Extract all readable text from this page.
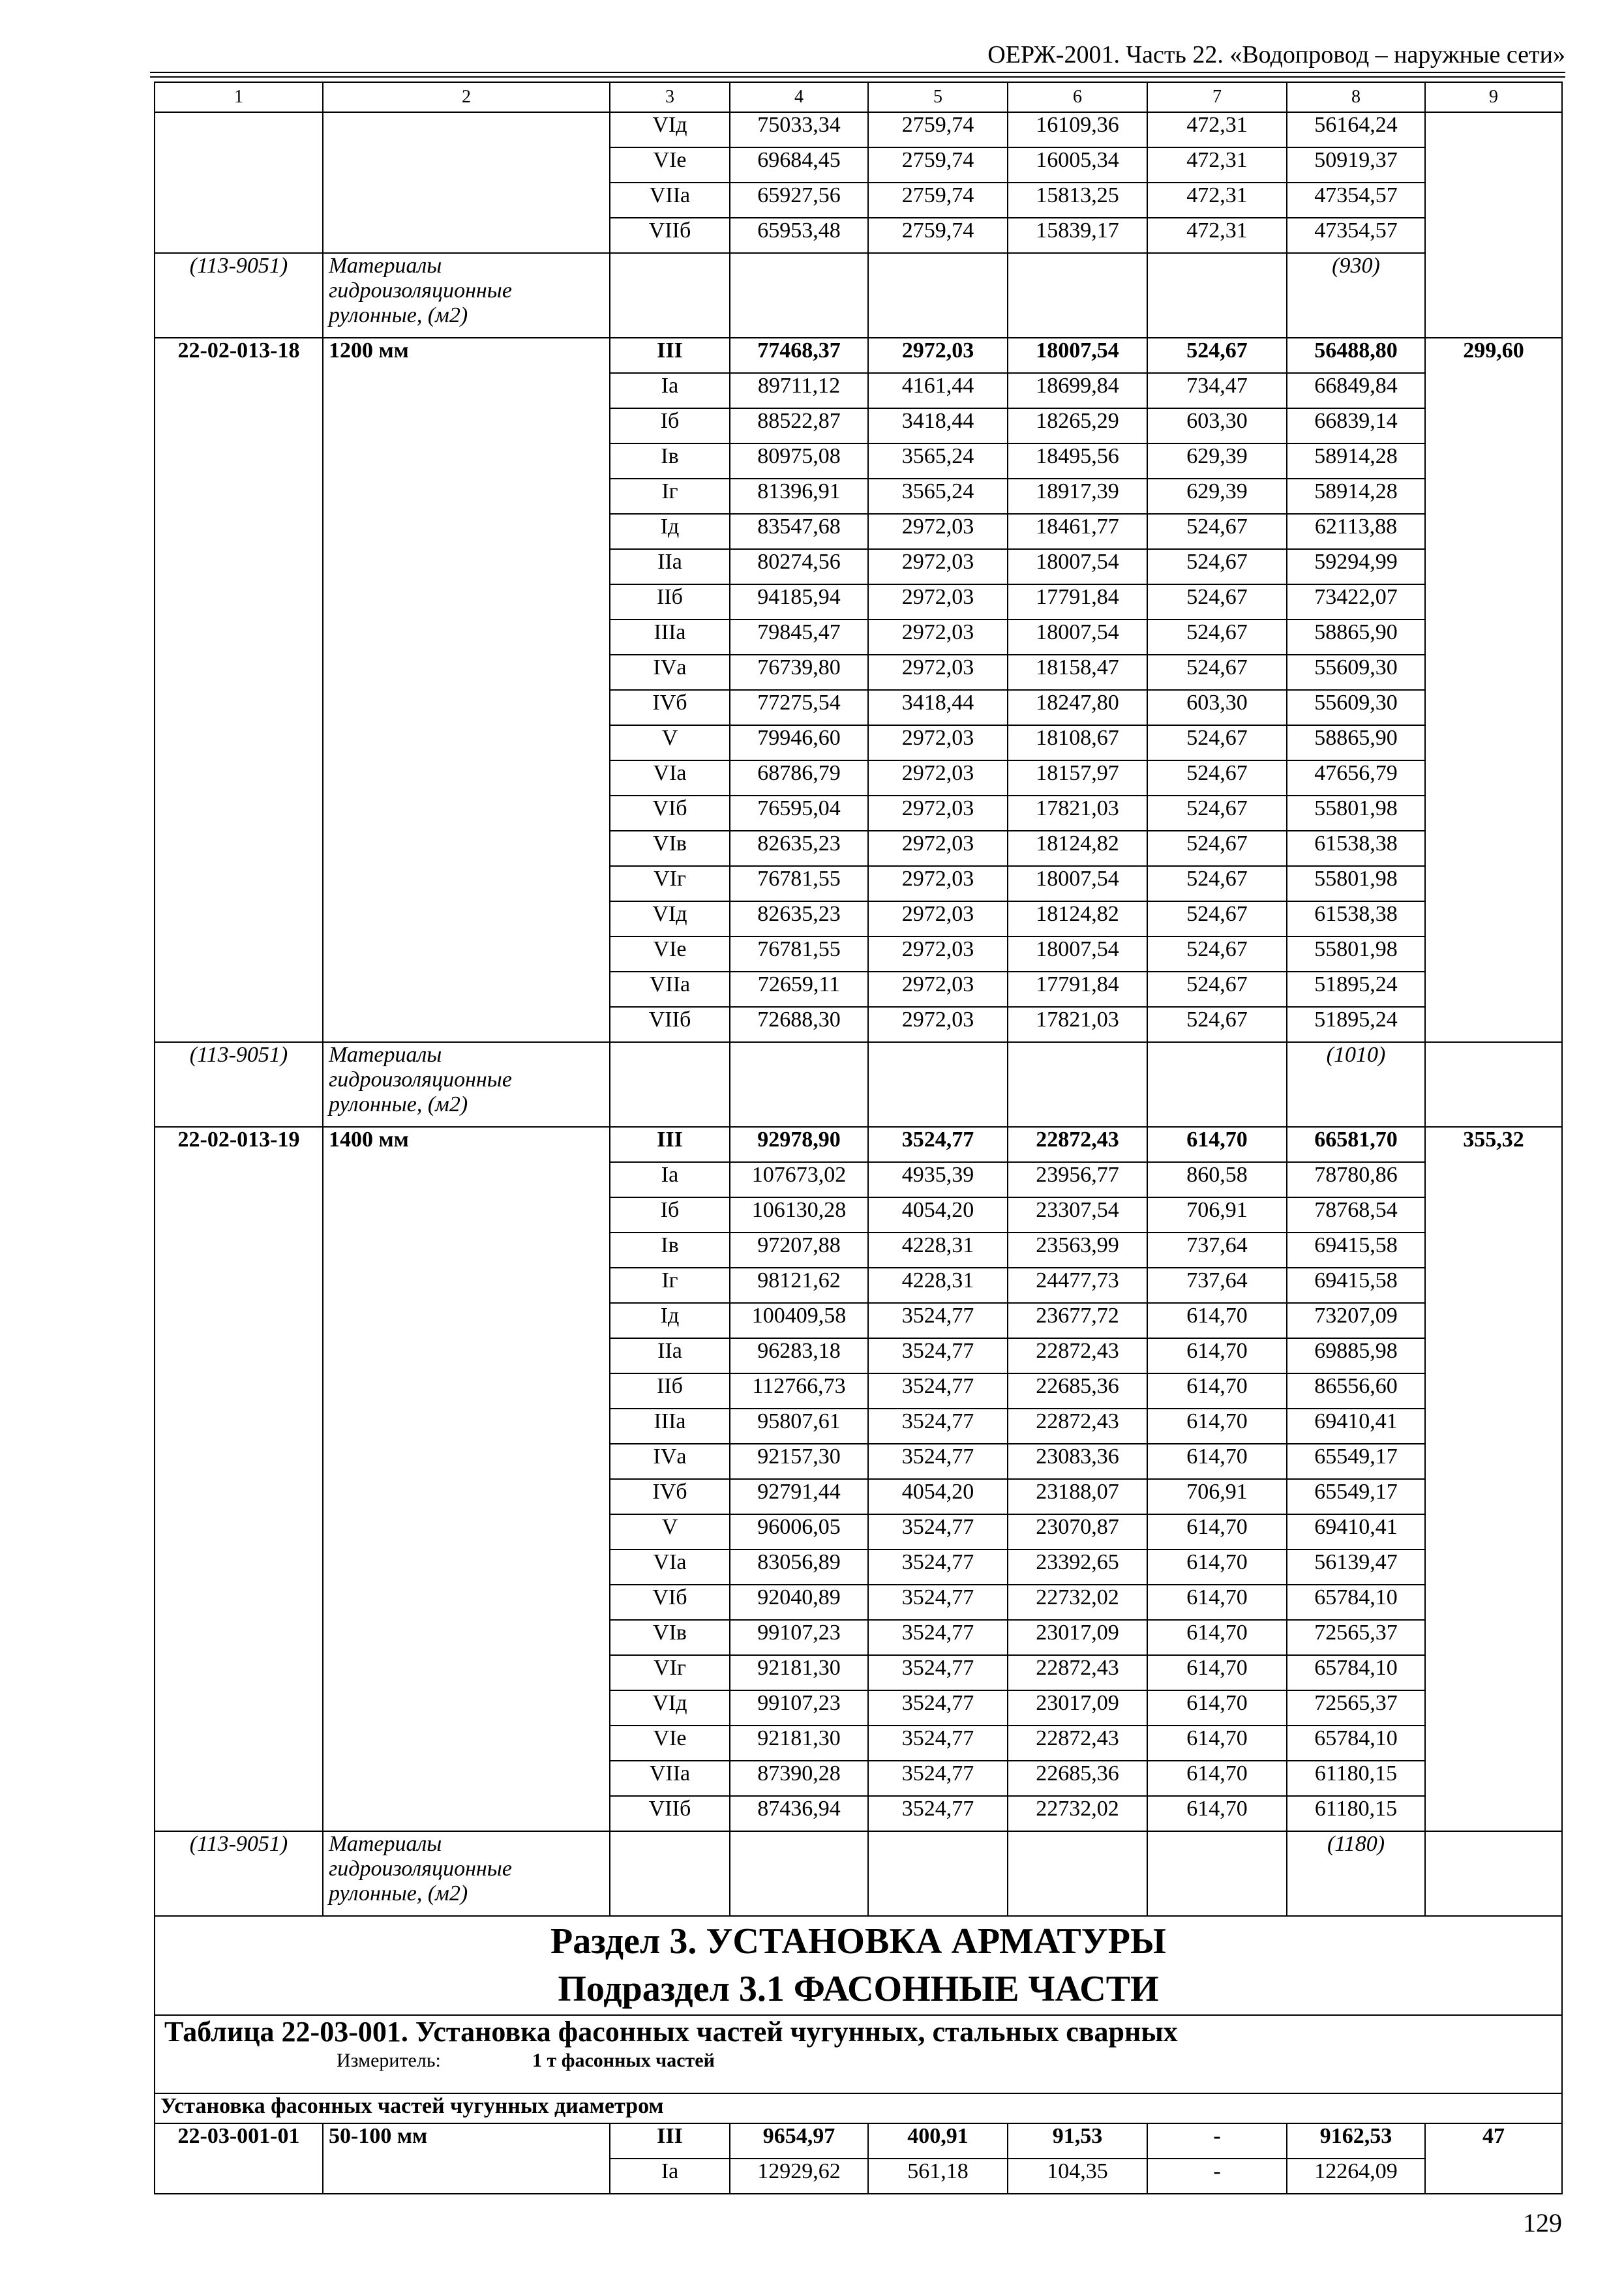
ОЕРЖ-2001. Часть 22. «Водопровод – наружные сети»
1	2	3	4	5	6	7	8	9
		VIд	75033,34	2759,74	16109,36	472,31	56164,24	
		VIе	69684,45	2759,74	16005,34	472,31	50919,37	
		VIIа	65927,56	2759,74	15813,25	472,31	47354,57	
		VIIб	65953,48	2759,74	15839,17	472,31	47354,57	
(113-9051)	Материалы гидроизоляционные рулонные, (м2)						(930)	
22-02-013-18	1200 мм	III	77468,37	2972,03	18007,54	524,67	56488,80	299,60
		Iа	89711,12	4161,44	18699,84	734,47	66849,84	
		Iб	88522,87	3418,44	18265,29	603,30	66839,14	
		Iв	80975,08	3565,24	18495,56	629,39	58914,28	
		Iг	81396,91	3565,24	18917,39	629,39	58914,28	
		Iд	83547,68	2972,03	18461,77	524,67	62113,88	
		IIа	80274,56	2972,03	18007,54	524,67	59294,99	
		IIб	94185,94	2972,03	17791,84	524,67	73422,07	
		IIIа	79845,47	2972,03	18007,54	524,67	58865,90	
		IVа	76739,80	2972,03	18158,47	524,67	55609,30	
		IVб	77275,54	3418,44	18247,80	603,30	55609,30	
		V	79946,60	2972,03	18108,67	524,67	58865,90	
		VIа	68786,79	2972,03	18157,97	524,67	47656,79	
		VIб	76595,04	2972,03	17821,03	524,67	55801,98	
		VIв	82635,23	2972,03	18124,82	524,67	61538,38	
		VIг	76781,55	2972,03	18007,54	524,67	55801,98	
		VIд	82635,23	2972,03	18124,82	524,67	61538,38	
		VIе	76781,55	2972,03	18007,54	524,67	55801,98	
		VIIа	72659,11	2972,03	17791,84	524,67	51895,24	
		VIIб	72688,30	2972,03	17821,03	524,67	51895,24	
(113-9051)	Материалы гидроизоляционные рулонные, (м2)						(1010)	
22-02-013-19	1400 мм	III	92978,90	3524,77	22872,43	614,70	66581,70	355,32
		Iа	107673,02	4935,39	23956,77	860,58	78780,86	
		Iб	106130,28	4054,20	23307,54	706,91	78768,54	
		Iв	97207,88	4228,31	23563,99	737,64	69415,58	
		Iг	98121,62	4228,31	24477,73	737,64	69415,58	
		Iд	100409,58	3524,77	23677,72	614,70	73207,09	
		IIа	96283,18	3524,77	22872,43	614,70	69885,98	
		IIб	112766,73	3524,77	22685,36	614,70	86556,60	
		IIIа	95807,61	3524,77	22872,43	614,70	69410,41	
		IVа	92157,30	3524,77	23083,36	614,70	65549,17	
		IVб	92791,44	4054,20	23188,07	706,91	65549,17	
		V	96006,05	3524,77	23070,87	614,70	69410,41	
		VIа	83056,89	3524,77	23392,65	614,70	56139,47	
		VIб	92040,89	3524,77	22732,02	614,70	65784,10	
		VIв	99107,23	3524,77	23017,09	614,70	72565,37	
		VIг	92181,30	3524,77	22872,43	614,70	65784,10	
		VIд	99107,23	3524,77	23017,09	614,70	72565,37	
		VIе	92181,30	3524,77	22872,43	614,70	65784,10	
		VIIа	87390,28	3524,77	22685,36	614,70	61180,15	
		VIIб	87436,94	3524,77	22732,02	614,70	61180,15	
(113-9051)	Материалы гидроизоляционные рулонные, (м2)						(1180)	

Раздел 3. УСТАНОВКА АРМАТУРЫ
Подраздел 3.1 ФАСОННЫЕ ЧАСТИ								

Таблица 22-03-001. Установка фасонных частей чугунных, стальных сварных
Измеритель: 1 т фасонных частей								
Установка фасонных частей чугунных диаметром								
22-03-001-01	50-100 мм	III	9654,97	400,91	91,53	-	9162,53	47
		Iа	12929,62	561,18	104,35	-	12264,09	
129
